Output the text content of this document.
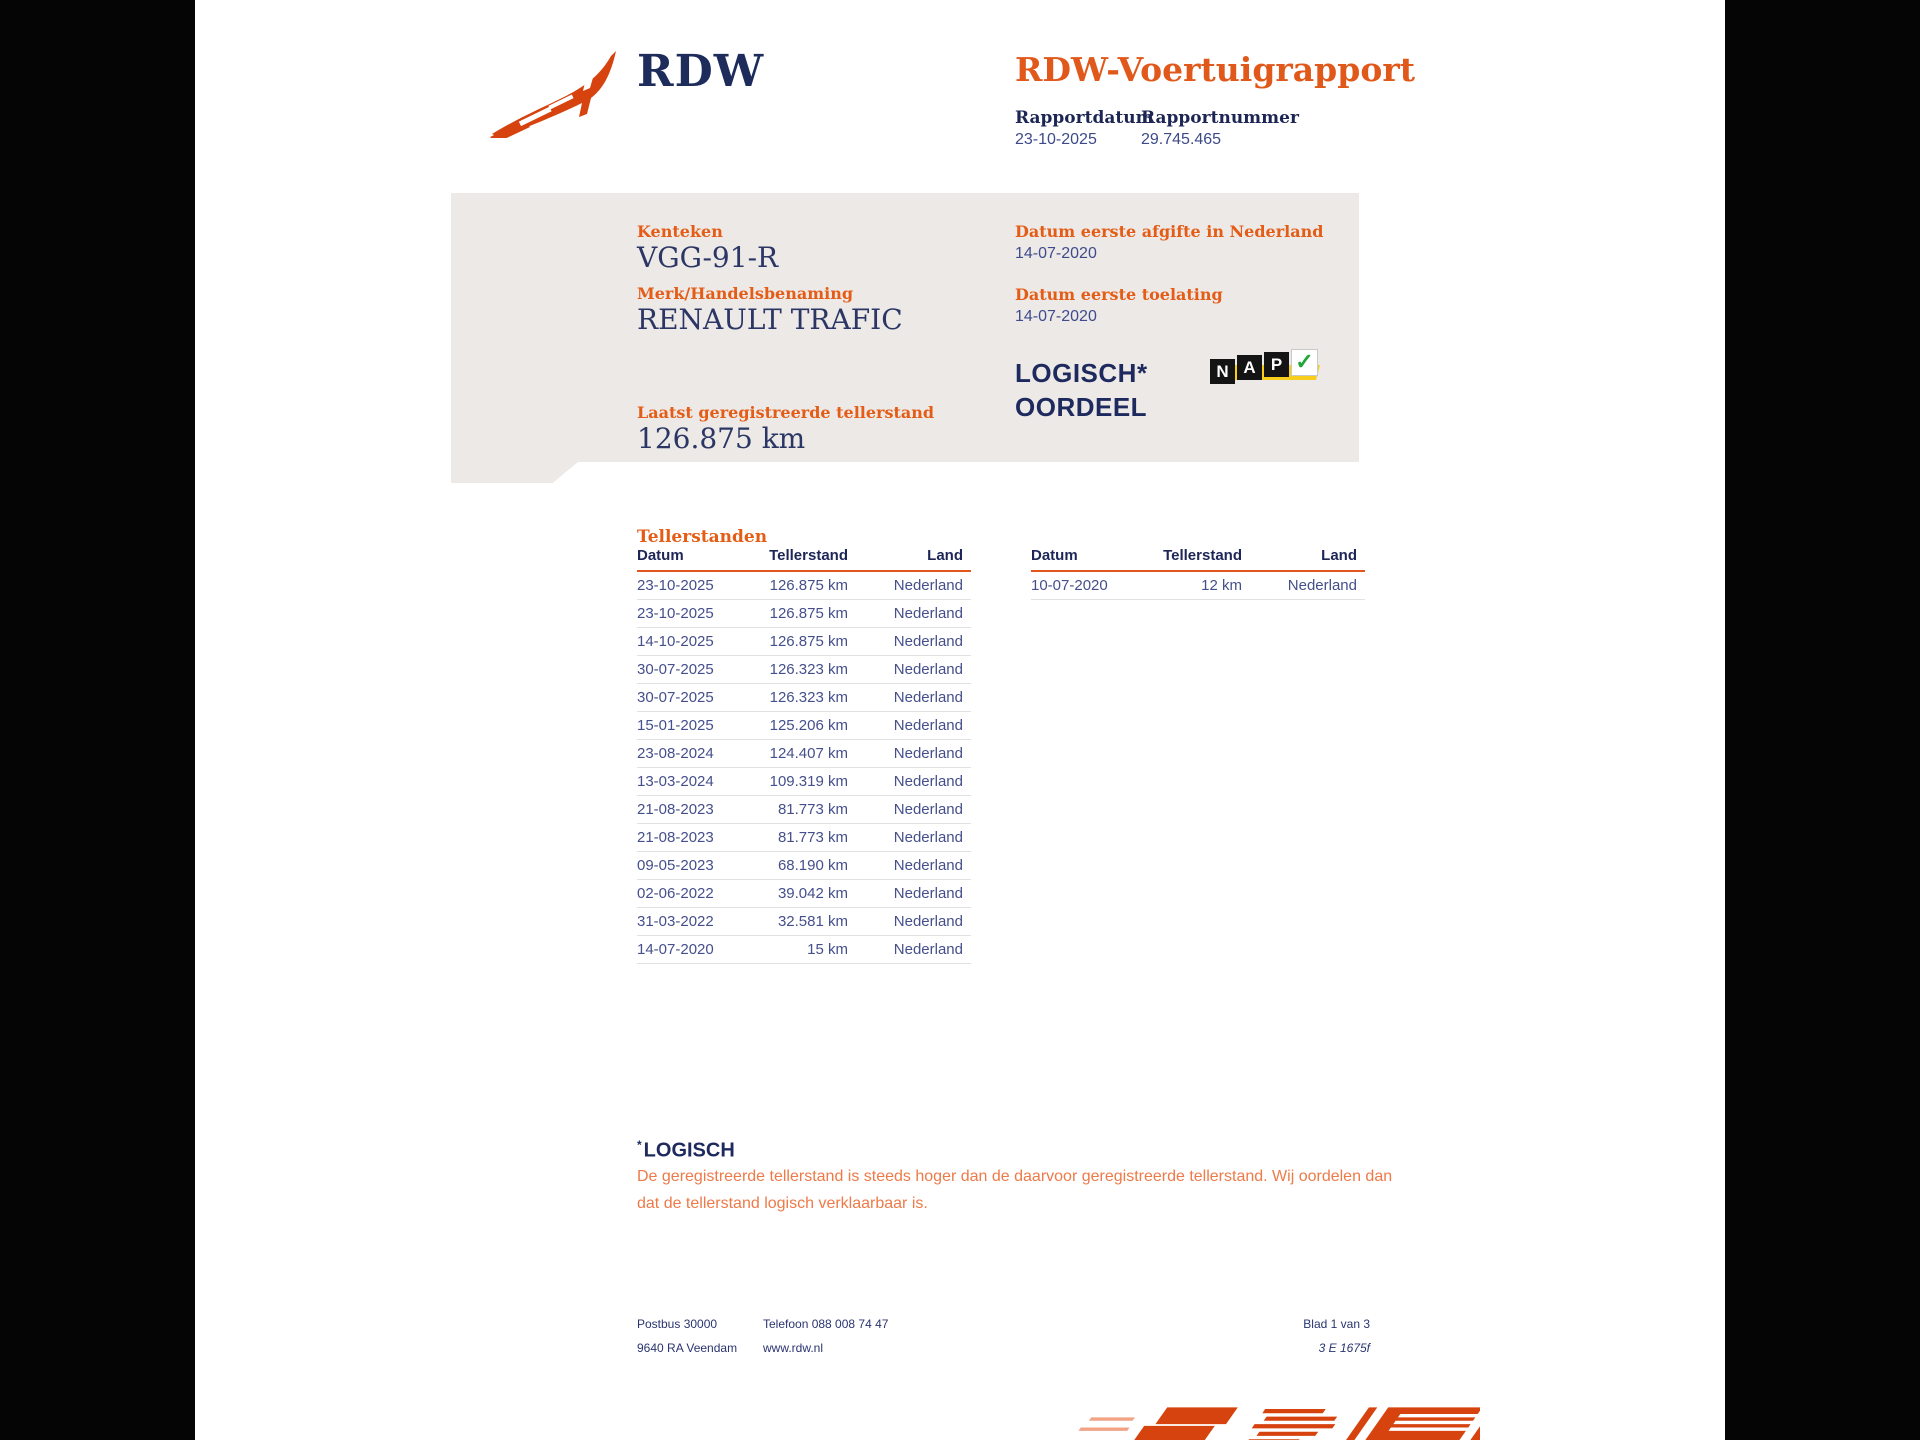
RDW	RDW-Voertuigrapport
Rapportdatum
23-10-2025
Rapportnummer
29.745.465
Kenteken
VGG-91-R
Merk/Handelsbenaming
RENAULT TRAFIC
Laatst geregistreerde tellerstand
126.875 km
Datum eerste afgifte in Nederland
14-07-2020
Datum eerste toelating
14-07-2020
LOGISCH*
OORDEEL
N A P ✓
Tellerstanden
Datum	Tellerstand	Land
23-10-2025	126.875 km	Nederland
23-10-2025	126.875 km	Nederland
14-10-2025	126.875 km	Nederland
30-07-2025	126.323 km	Nederland
30-07-2025	126.323 km	Nederland
15-01-2025	125.206 km	Nederland
23-08-2024	124.407 km	Nederland
13-03-2024	109.319 km	Nederland
21-08-2023	81.773 km	Nederland
21-08-2023	81.773 km	Nederland
09-05-2023	68.190 km	Nederland
02-06-2022	39.042 km	Nederland
31-03-2022	32.581 km	Nederland
14-07-2020	15 km	Nederland
Datum	Tellerstand	Land
10-07-2020	12 km	Nederland
* LOGISCH
De geregistreerde tellerstand is steeds hoger dan de daarvoor geregistreerde tellerstand. Wij oordelen dan dat de tellerstand logisch verklaarbaar is.
Postbus 30000
9640 RA Veendam
Telefoon 088 008 74 47
www.rdw.nl
Blad 1 van 3
3 E 1675f
